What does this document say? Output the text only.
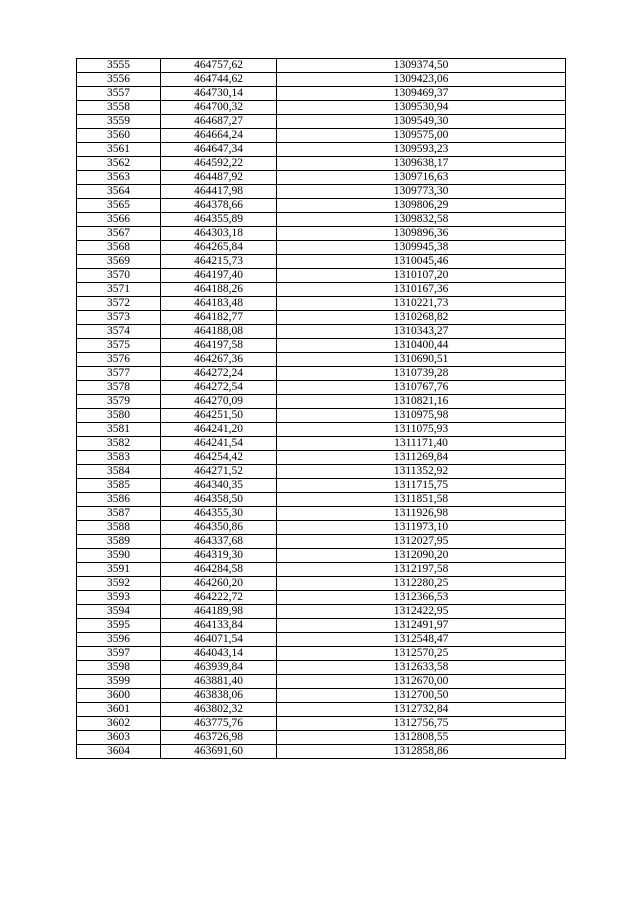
3555	464757,62	1309374,50
3556	464744,62	1309423,06
3557	464730,14	1309469,37
3558	464700,32	1309530,94
3559	464687,27	1309549,30
3560	464664,24	1309575,00
3561	464647,34	1309593,23
3562	464592,22	1309638,17
3563	464487,92	1309716,63
3564	464417,98	1309773,30
3565	464378,66	1309806,29
3566	464355,89	1309832,58
3567	464303,18	1309896,36
3568	464265,84	1309945,38
3569	464215,73	1310045,46
3570	464197,40	1310107,20
3571	464188,26	1310167,36
3572	464183,48	1310221,73
3573	464182,77	1310268,82
3574	464188,08	1310343,27
3575	464197,58	1310400,44
3576	464267,36	1310690,51
3577	464272,24	1310739,28
3578	464272,54	1310767,76
3579	464270,09	1310821,16
3580	464251,50	1310975,98
3581	464241,20	1311075,93
3582	464241,54	1311171,40
3583	464254,42	1311269,84
3584	464271,52	1311352,92
3585	464340,35	1311715,75
3586	464358,50	1311851,58
3587	464355,30	1311926,98
3588	464350,86	1311973,10
3589	464337,68	1312027,95
3590	464319,30	1312090,20
3591	464284,58	1312197,58
3592	464260,20	1312280,25
3593	464222,72	1312366,53
3594	464189,98	1312422,95
3595	464133,84	1312491,97
3596	464071,54	1312548,47
3597	464043,14	1312570,25
3598	463939,84	1312633,58
3599	463881,40	1312670,00
3600	463838,06	1312700,50
3601	463802,32	1312732,84
3602	463775,76	1312756,75
3603	463726,98	1312808,55
3604	463691,60	1312858,86
